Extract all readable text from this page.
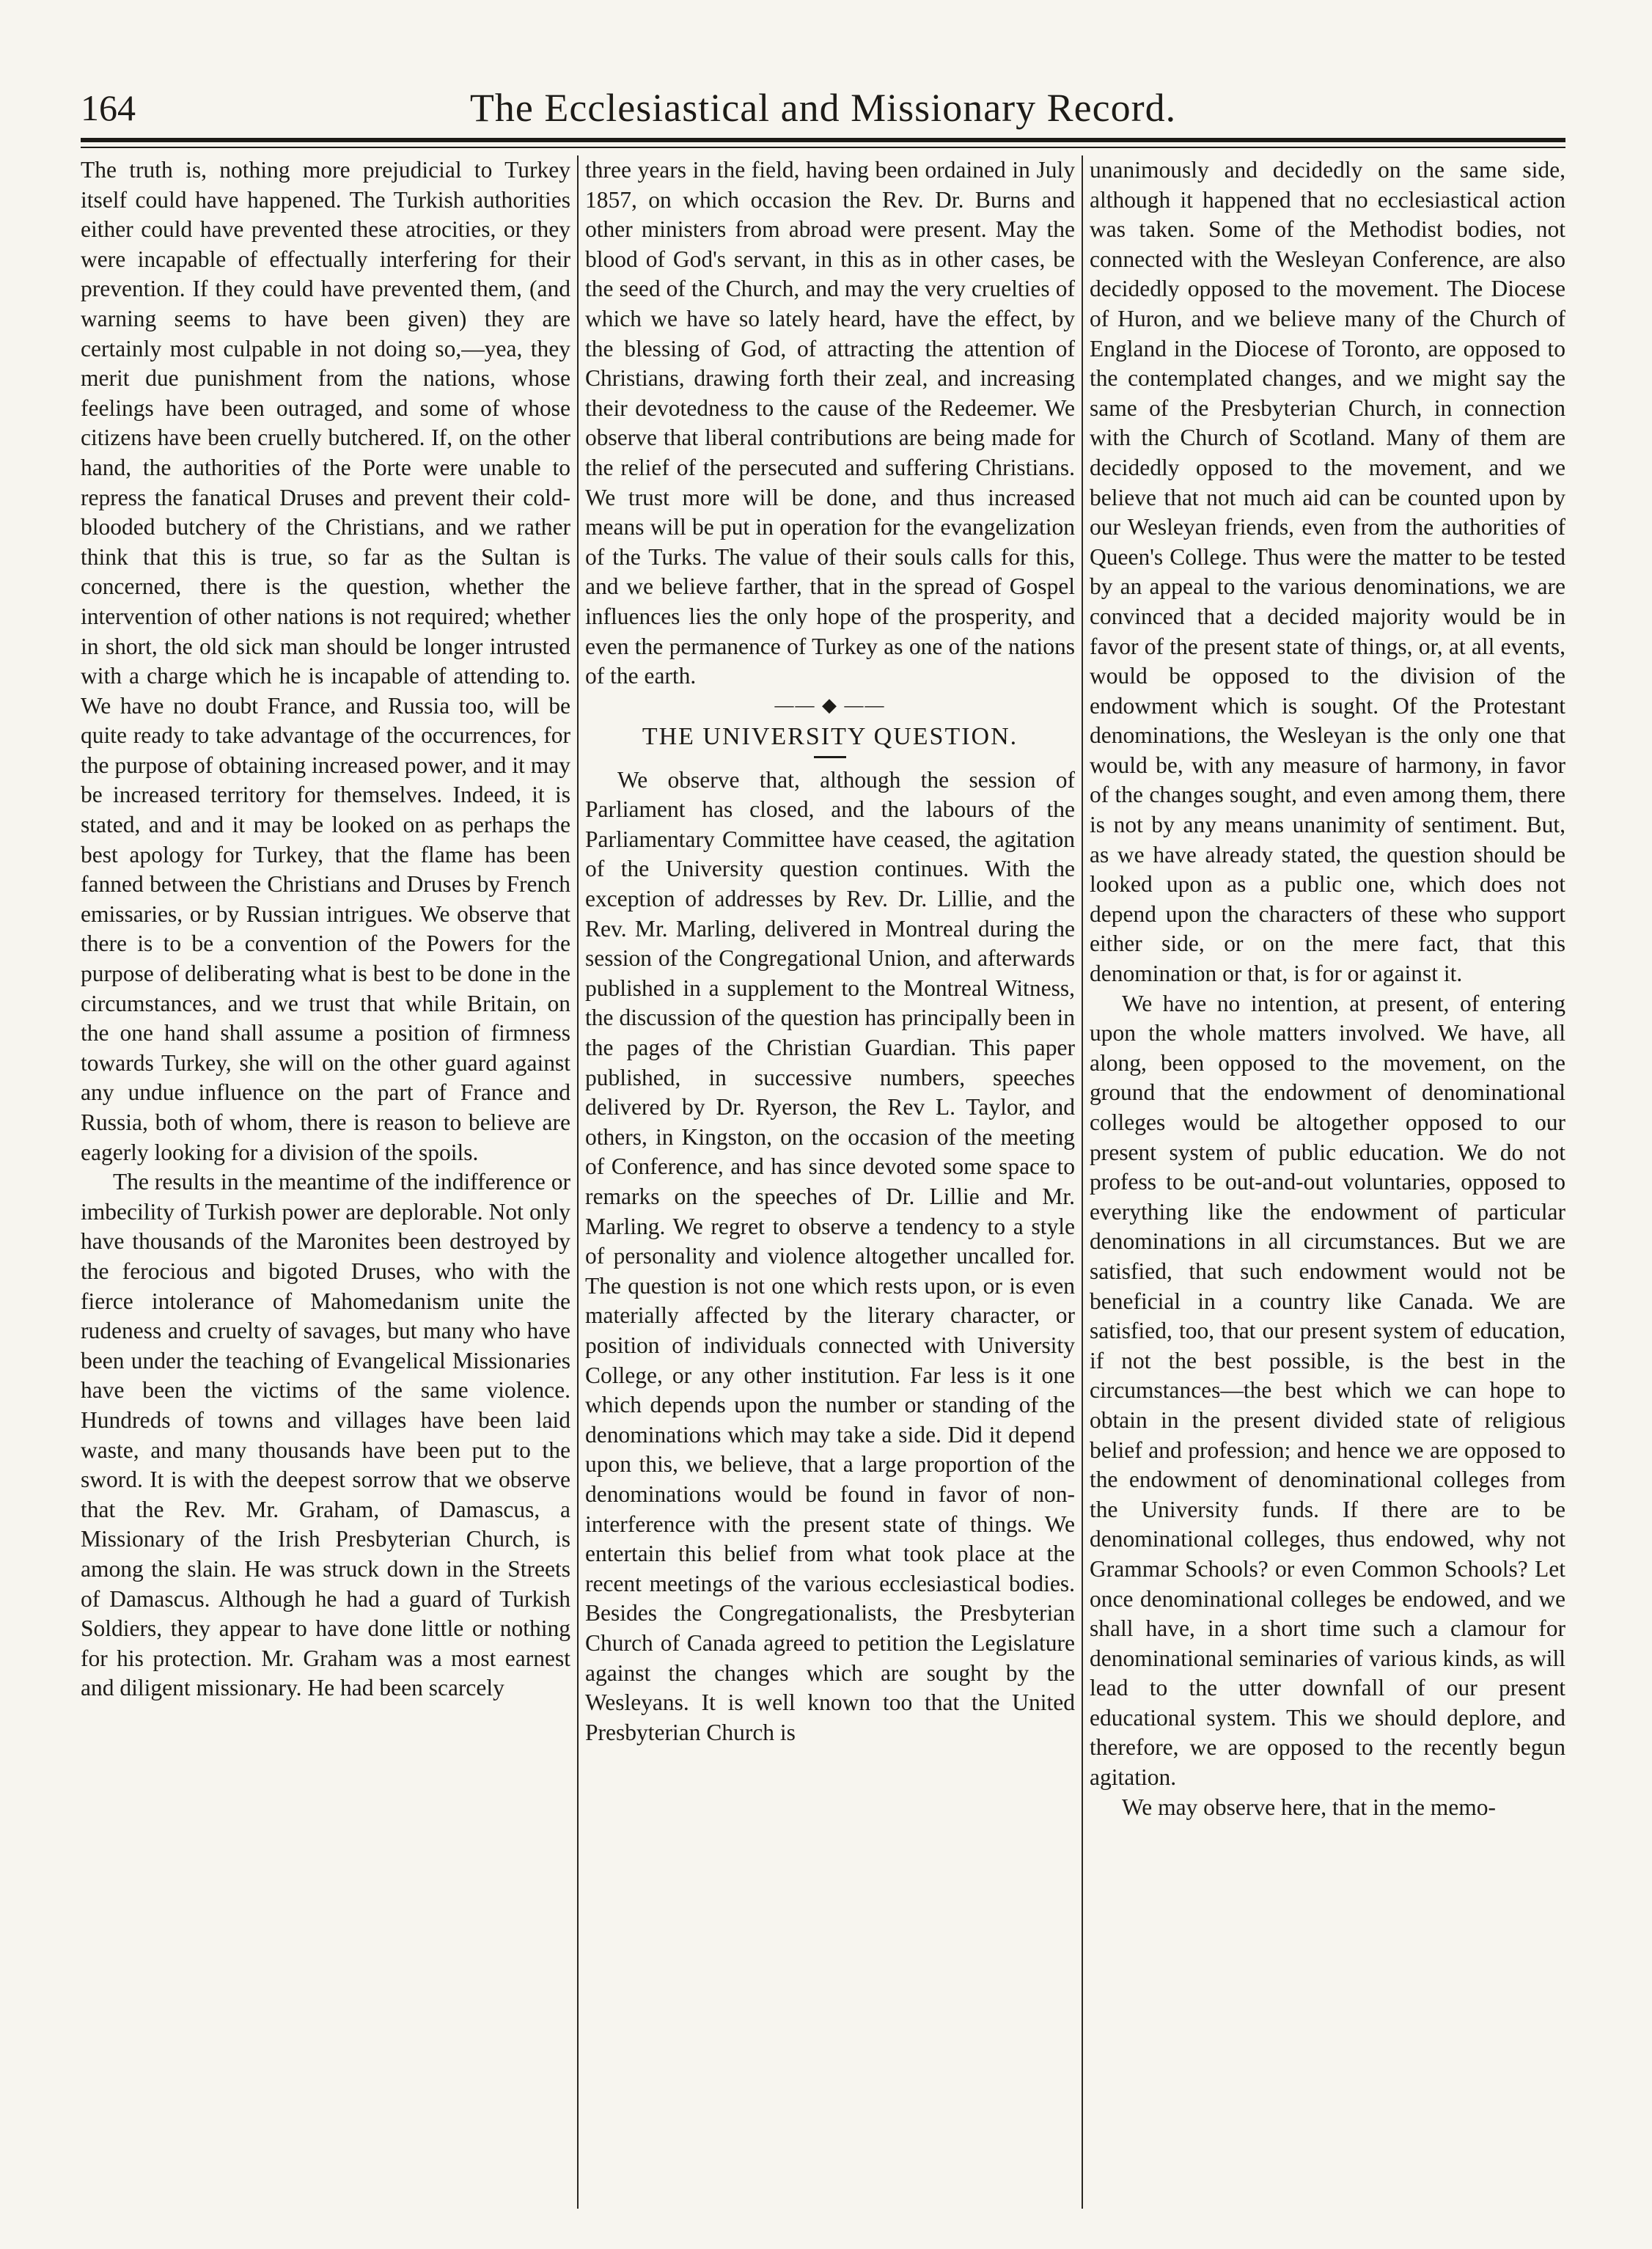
164	The Ecclesiastical and Missionary Record.

The truth is, nothing more prejudicial to Turkey itself could have happened. The Turkish authorities either could have prevented these atrocities, or they were incapable of effectually interfering for their prevention. If they could have prevented them, (and warning seems to have been given) they are certainly most culpable in not doing so,—yea, they merit due punishment from the nations, whose feelings have been outraged, and some of whose citizens have been cruelly butchered. If, on the other hand, the authorities of the Porte were unable to repress the fanatical Druses and prevent their cold-blooded butchery of the Christians, and we rather think that this is true, so far as the Sultan is concerned, there is the question, whether the intervention of other nations is not required; whether in short, the old sick man should be longer intrusted with a charge which he is incapable of attending to. We have no doubt France, and Russia too, will be quite ready to take advantage of the occurrences, for the purpose of obtaining increased power, and it may be increased territory for themselves. Indeed, it is stated, and and it may be looked on as perhaps the best apology for Turkey, that the flame has been fanned between the Christians and Druses by French emissaries, or by Russian intrigues. We observe that there is to be a convention of the Powers for the purpose of deliberating what is best to be done in the circumstances, and we trust that while Britain, on the one hand shall assume a position of firmness towards Turkey, she will on the other guard against any undue influence on the part of France and Russia, both of whom, there is reason to believe are eagerly looking for a division of the spoils.

The results in the meantime of the indifference or imbecility of Turkish power are deplorable. Not only have thousands of the Maronites been destroyed by the ferocious and bigoted Druses, who with the fierce intolerance of Mahomedanism unite the rudeness and cruelty of savages, but many who have been under the teaching of Evangelical Missionaries have been the victims of the same violence. Hundreds of towns and villages have been laid waste, and many thousands have been put to the sword. It is with the deepest sorrow that we observe that the Rev. Mr. Graham, of Damascus, a Missionary of the Irish Presbyterian Church, is among the slain. He was struck down in the Streets of Damascus. Although he had a guard of Turkish Soldiers, they appear to have done little or nothing for his protection. Mr. Graham was a most earnest and diligent missionary. He had been scarcely

three years in the field, having been ordained in July 1857, on which occasion the Rev. Dr. Burns and other ministers from abroad were present. May the blood of God's servant, in this as in other cases, be the seed of the Church, and may the very cruelties of which we have so lately heard, have the effect, by the blessing of God, of attracting the attention of Christians, drawing forth their zeal, and increasing their devotedness to the cause of the Redeemer. We observe that liberal contributions are being made for the relief of the persecuted and suffering Christians. We trust more will be done, and thus increased means will be put in operation for the evangelization of the Turks. The value of their souls calls for this, and we believe farther, that in the spread of Gospel influences lies the only hope of the prosperity, and even the permanence of Turkey as one of the nations of the earth.

—— ◆ ——
THE UNIVERSITY QUESTION.

We observe that, although the session of Parliament has closed, and the labours of the Parliamentary Committee have ceased, the agitation of the University question continues. With the exception of addresses by Rev. Dr. Lillie, and the Rev. Mr. Marling, delivered in Montreal during the session of the Congregational Union, and afterwards published in a supplement to the Montreal Witness, the discussion of the question has principally been in the pages of the Christian Guardian. This paper published, in successive numbers, speeches delivered by Dr. Ryerson, the Rev L. Taylor, and others, in Kingston, on the occasion of the meeting of Conference, and has since devoted some space to remarks on the speeches of Dr. Lillie and Mr. Marling. We regret to observe a tendency to a style of personality and violence altogether uncalled for. The question is not one which rests upon, or is even materially affected by the literary character, or position of individuals connected with University College, or any other institution. Far less is it one which depends upon the number or standing of the denominations which may take a side. Did it depend upon this, we believe, that a large proportion of the denominations would be found in favor of non-interference with the present state of things. We entertain this belief from what took place at the recent meetings of the various ecclesiastical bodies. Besides the Congregationalists, the Presbyterian Church of Canada agreed to petition the Legislature against the changes which are sought by the Wesleyans. It is well known too that the United Presbyterian Church is

unanimously and decidedly on the same side, although it happened that no ecclesiastical action was taken. Some of the Methodist bodies, not connected with the Wesleyan Conference, are also decidedly opposed to the movement. The Diocese of Huron, and we believe many of the Church of England in the Diocese of Toronto, are opposed to the contemplated changes, and we might say the same of the Presbyterian Church, in connection with the Church of Scotland. Many of them are decidedly opposed to the movement, and we believe that not much aid can be counted upon by our Wesleyan friends, even from the authorities of Queen's College. Thus were the matter to be tested by an appeal to the various denominations, we are convinced that a decided majority would be in favor of the present state of things, or, at all events, would be opposed to the division of the endowment which is sought. Of the Protestant denominations, the Wesleyan is the only one that would be, with any measure of harmony, in favor of the changes sought, and even among them, there is not by any means unanimity of sentiment. But, as we have already stated, the question should be looked upon as a public one, which does not depend upon the characters of these who support either side, or on the mere fact, that this denomination or that, is for or against it.

We have no intention, at present, of entering upon the whole matters involved. We have, all along, been opposed to the movement, on the ground that the endowment of denominational colleges would be altogether opposed to our present system of public education. We do not profess to be out-and-out voluntaries, opposed to everything like the endowment of particular denominations in all circumstances. But we are satisfied, that such endowment would not be beneficial in a country like Canada. We are satisfied, too, that our present system of education, if not the best possible, is the best in the circumstances—the best which we can hope to obtain in the present divided state of religious belief and profession; and hence we are opposed to the endowment of denominational colleges from the University funds. If there are to be denominational colleges, thus endowed, why not Grammar Schools? or even Common Schools? Let once denominational colleges be endowed, and we shall have, in a short time such a clamour for denominational seminaries of various kinds, as will lead to the utter downfall of our present educational system. This we should deplore, and therefore, we are opposed to the recently begun agitation.

We may observe here, that in the memo-
